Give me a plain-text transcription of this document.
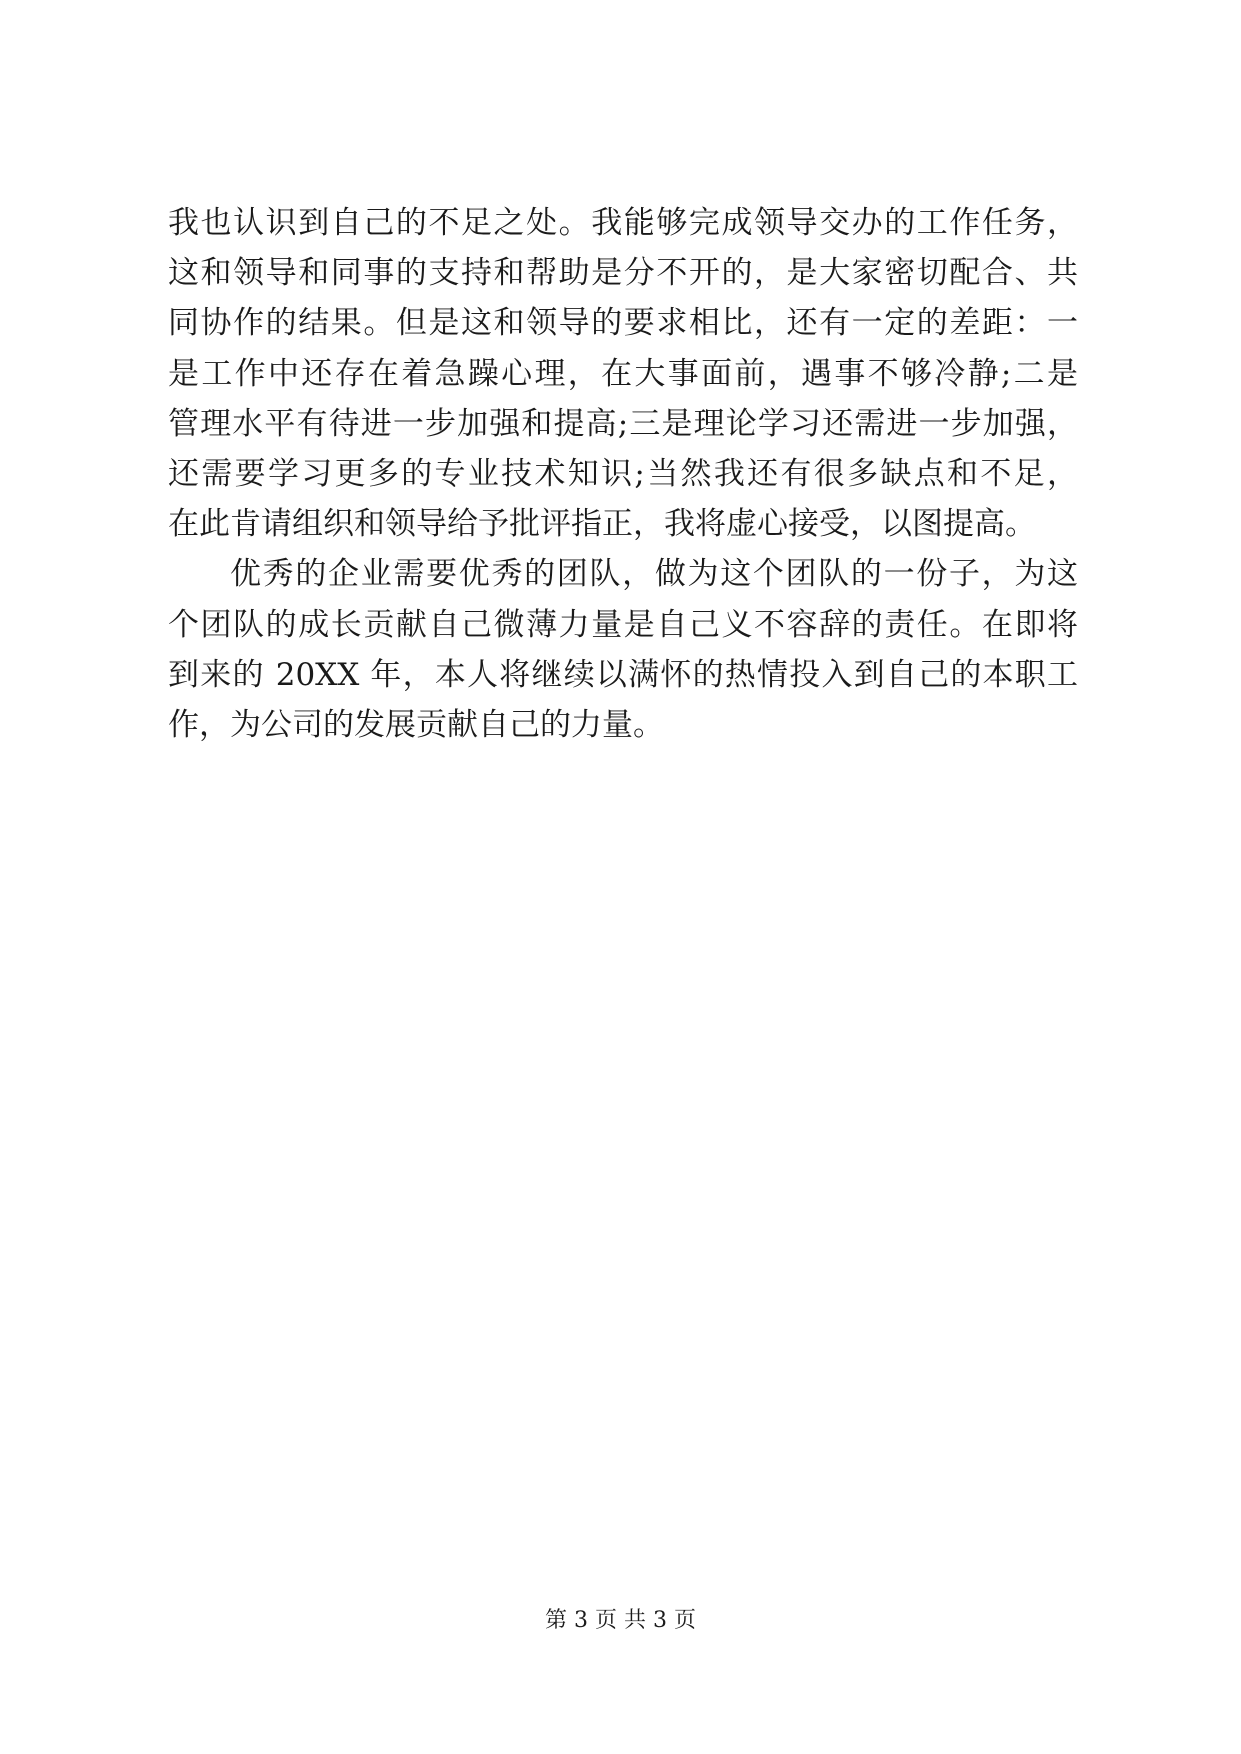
我也认识到自己的不足之处。我能够完成领导交办的工作任务，
这和领导和同事的支持和帮助是分不开的，是大家密切配合、共
同协作的结果。但是这和领导的要求相比，还有一定的差距：一
是工作中还存在着急躁心理，在大事面前，遇事不够冷静;二是
管理水平有待进一步加强和提高;三是理论学习还需进一步加强，
还需要学习更多的专业技术知识;当然我还有很多缺点和不足，
在此肯请组织和领导给予批评指正，我将虚心接受，以图提高。
优秀的企业需要优秀的团队，做为这个团队的一份子，为这
个团队的成长贡献自己微薄力量是自己义不容辞的责任。在即将
到来的 20XX 年，本人将继续以满怀的热情投入到自己的本职工
作，为公司的发展贡献自己的力量。
第 3 页 共 3 页
